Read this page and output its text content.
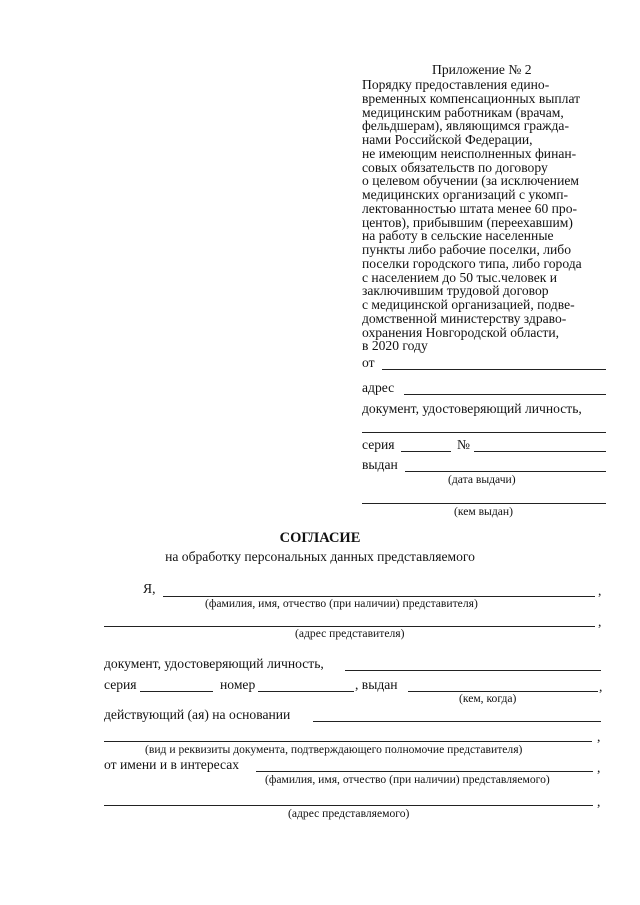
Приложение № 2
Порядку предоставления едино-
временных компенсационных выплат
медицинским работникам (врачам,
фельдшерам), являющимся гражда-
нами Российской Федерации,
не имеющим неисполненных финан-
совых обязательств по договору
о целевом обучении (за исключением
медицинских организаций с укомп-
лектованностью штата менее 60 про-
центов), прибывшим (переехавшим)
на работу в сельские населенные
пункты либо рабочие поселки, либо
поселки городского типа, либо города
с населением до 50 тыс.человек и
заключившим трудовой договор
с медицинской организацией, подве-
домственной министерству здраво-
охранения Новгородской области,
в 2020 году
от
адрес
документ, удостоверяющий личность,
серия	№
выдан
(дата выдачи)
(кем выдан)
СОГЛАСИЕ
на обработку персональных данных представляемого
Я,	,
(фамилия, имя, отчество (при наличии) представителя)
,
(адрес представителя)
документ, удостоверяющий личность,
серия	номер	, выдан	,
(кем, когда)
действующий (ая) на основании
,
(вид и реквизиты документа, подтверждающего полномочие представителя)
от имени и в интересах	,
(фамилия, имя, отчество (при наличии) представляемого)
,
(адрес представляемого)
